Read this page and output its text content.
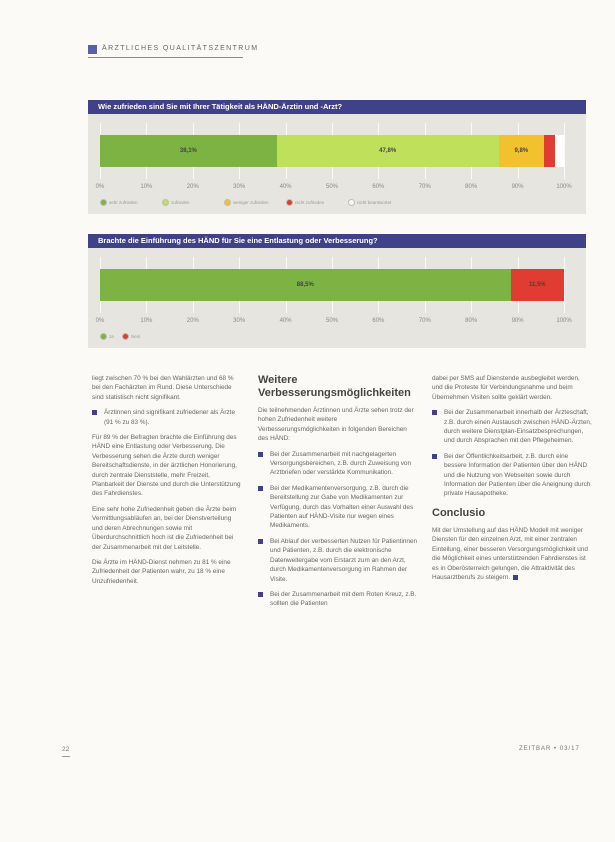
ÄRZTLICHES QUALITÄTSZENTRUM
Wie zufrieden sind Sie mit Ihrer Tätigkeit als HÄND-Ärztin und -Arzt?
38,1%	47,8%	9,8%
0%	10%	20%	30%	40%	50%	60%	70%	80%	90%	100%
sehr zufrieden	zufrieden	weniger zufrieden	nicht zufrieden	nicht beantwortet
Brachte die Einführung des HÄND für Sie eine Entlastung oder Verbesserung?
88,5%	11,5%
0%	10%	20%	30%	40%	50%	60%	70%	80%	90%	100%
Ja	Nein

liegt zwischen 70 % bei den Wahlärzten und 68 % bei den Fachärzten im Rund. Diese Unterschiede sind statistisch nicht signifikant.

Ärztinnen sind signifikant zufriedener als Ärzte (91 % zu 83 %).

Für 89 % der Befragten brachte die Einführung des HÄND eine Entlastung oder Verbesserung. Die Verbesserung sehen die Ärzte durch weniger Bereitschaftsdienste, in der ärztlichen Honorierung, durch zentrale Dienststelle, mehr Freizeit, Planbarkeit der Dienste und durch die Unterstützung des Fahrdienstes.

Eine sehr hohe Zufriedenheit geben die Ärzte beim Vermittlungsabläufen an, bei der Dienstverteilung und deren Abrechnungen sowie mit Überdurchschnittlich hoch ist die Zufriedenheit bei der Zusammenarbeit mit der Leitstelle.

Die Ärzte im HÄND-Dienst nehmen zu 81 % eine Zufriedenheit der Patienten wahr, zu 18 % eine Unzufriedenheit.

Weitere Verbesserungsmöglichkeiten

Die teilnehmenden Ärztinnen und Ärzte sehen trotz der hohen Zufriedenheit weitere Verbesserungsmöglichkeiten in folgenden Bereichen des HÄND:

Bei der Zusammenarbeit mit nachgelagerten Versorgungsbereichen, z.B. durch Zuweisung von Arztbriefen oder verstärkte Kommunikation.
Bei der Medikamentenversorgung, z.B. durch die Bereitstellung zur Gabe von Medikamenten zur Verfügung, durch das Vorhalten einer Auswahl des Patienten auf HÄND-Visite nur wegen eines Medikaments.
Bei Ablauf der verbesserten Nutzen für Patientinnen und Patienten, z.B. durch die elektronische Datenweitergabe vom Erstarzt zum an den Arzt, durch Medikamentenversorgung im Rahmen der Visite.
Bei der Zusammenarbeit mit dem Roten Kreuz, z.B. sollten die Patienten

dabei per SMS auf Dienstende ausbegleitet werden, und die Proteste für Verbindungsnahme und beim Übernehmen Visiten sollte geklärt werden.

Bei der Zusammenarbeit innerhalb der Ärzteschaft, z.B. durch einen Austausch zwischen HÄND-Ärzten, durch weitere Dienstplan-Einsatzbesprechungen, und durch Absprachen mit den Pflegeheimen.
Bei der Öffentlichkeitsarbeit, z.B. durch eine bessere Information der Patienten über den HÄND und die Nutzung von Webseiten sowie durch Information der Patienten über die Aneignung durch private Hausapotheke.
Conclusio

Mit der Umstellung auf das HÄND Modell mit weniger Diensten für den einzelnen Arzt, mit einer zentralen Einteilung, einer besseren Versorgungsmöglichkeit und die Möglichkeit eines unterstützenden Fahrdienstes ist es in Oberösterreich gelungen, die Attraktivität des Hausarztberufs zu steigern.

22	ZEITBAR • 03/17
